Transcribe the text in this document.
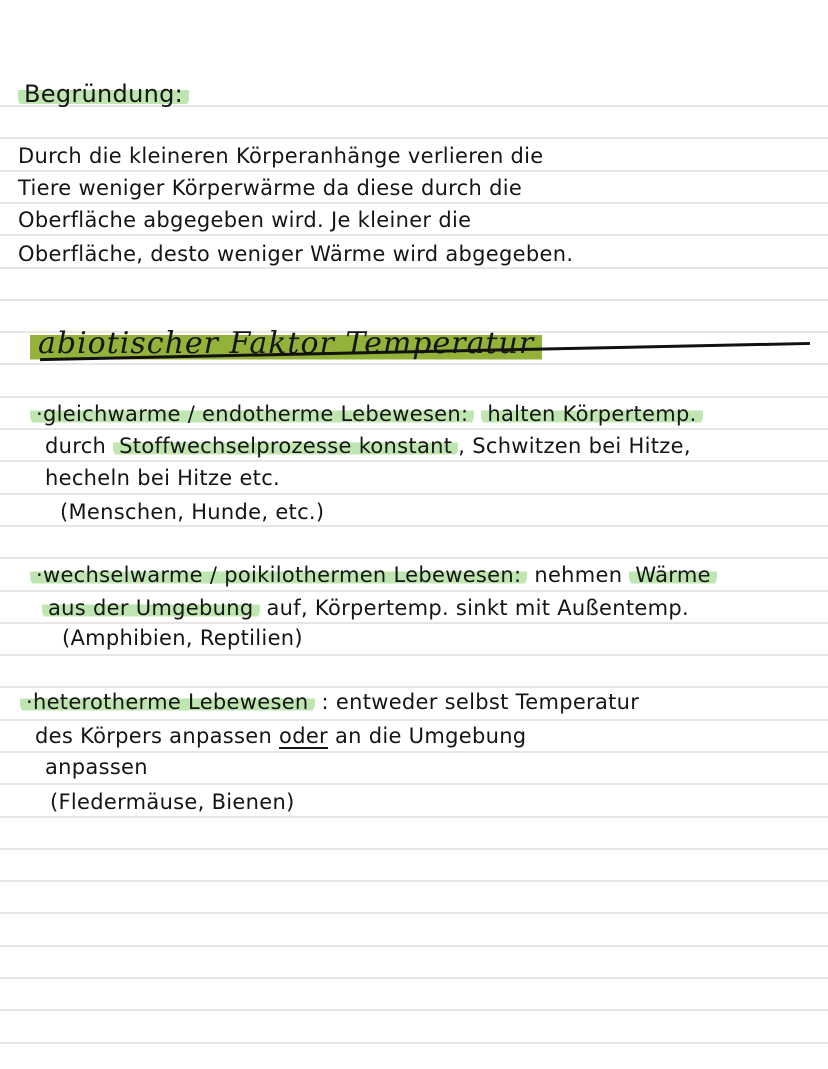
Begründung:
Durch die kleineren Körperanhänge verlieren die
Tiere weniger Körperwärme da diese durch die
Oberfläche abgegeben wird. Je kleiner die
Oberfläche, desto weniger Wärme wird abgegeben.
abiotischer Faktor Temperatur
·gleichwarme / endotherme Lebewesen: halten Körpertemp.
durch Stoffwechselprozesse konstant , Schwitzen bei Hitze,
hecheln bei Hitze etc.
(Menschen, Hunde, etc.)
·wechselwarme / poikilothermen Lebewesen: nehmen Wärme
aus der Umgebung auf, Körpertemp. sinkt mit Außentemp.
(Amphibien, Reptilien)
·heterotherme Lebewesen : entweder selbst Temperatur
des Körpers anpassen oder an die Umgebung
anpassen
(Fledermäuse, Bienen)
